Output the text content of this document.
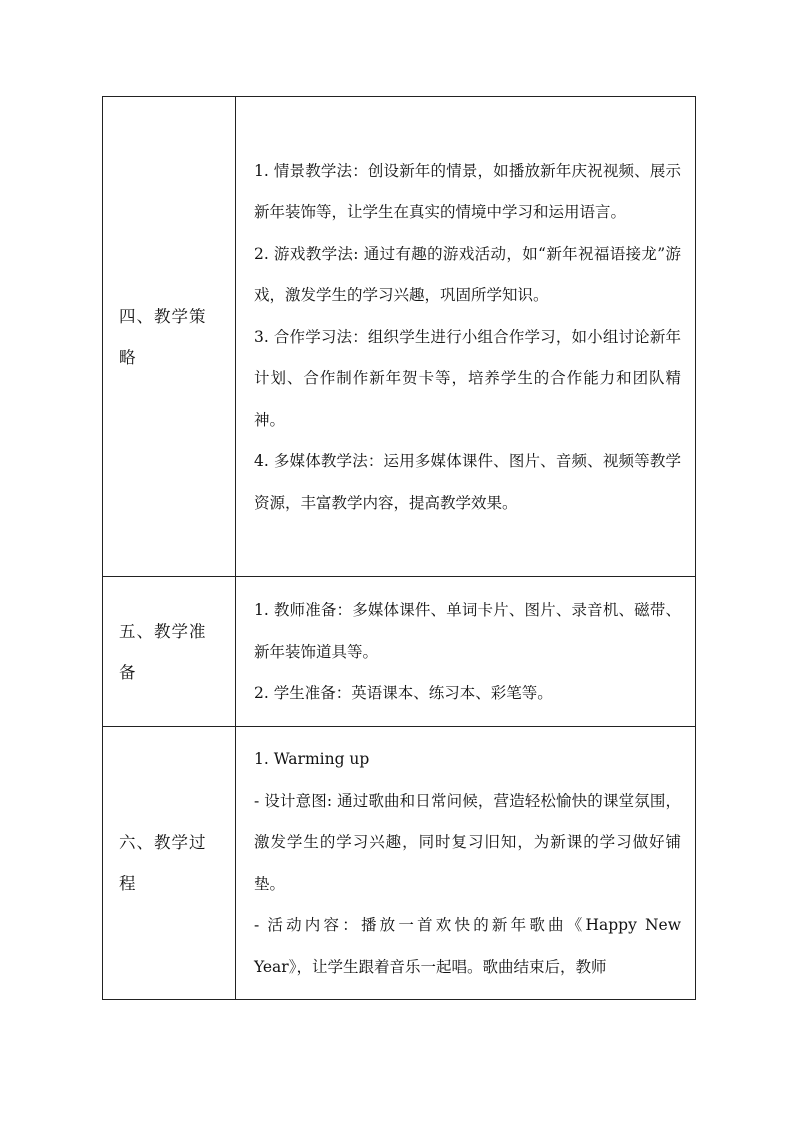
四、教学策略	1. 情景教学法：创设新年的情景，如播放新年庆祝视频、展示新年装饰等，让学生在真实的情境中学习和运用语言。

2. 游戏教学法: 通过有趣的游戏活动，如“新年祝福语接龙”游戏，激发学生的学习兴趣，巩固所学知识。

3. 合作学习法：组织学生进行小组合作学习，如小组讨论新年计划、合作制作新年贺卡等，培养学生的合作能力和团队精神。

4. 多媒体教学法：运用多媒体课件、图片、音频、视频等教学资源，丰富教学内容，提高教学效果。

五、教学准备	1. 教师准备：多媒体课件、单词卡片、图片、录音机、磁带、新年装饰道具等。

2. 学生准备：英语课本、练习本、彩笔等。

六、教学过程	1. Warming up

- 设计意图: 通过歌曲和日常问候，营造轻松愉快的课堂氛围，激发学生的学习兴趣，同时复习旧知，为新课的学习做好铺垫。

- 活动内容：播放一首欢快的新年歌曲《Happy New Year》，让学生跟着音乐一起唱。歌曲结束后，教师
